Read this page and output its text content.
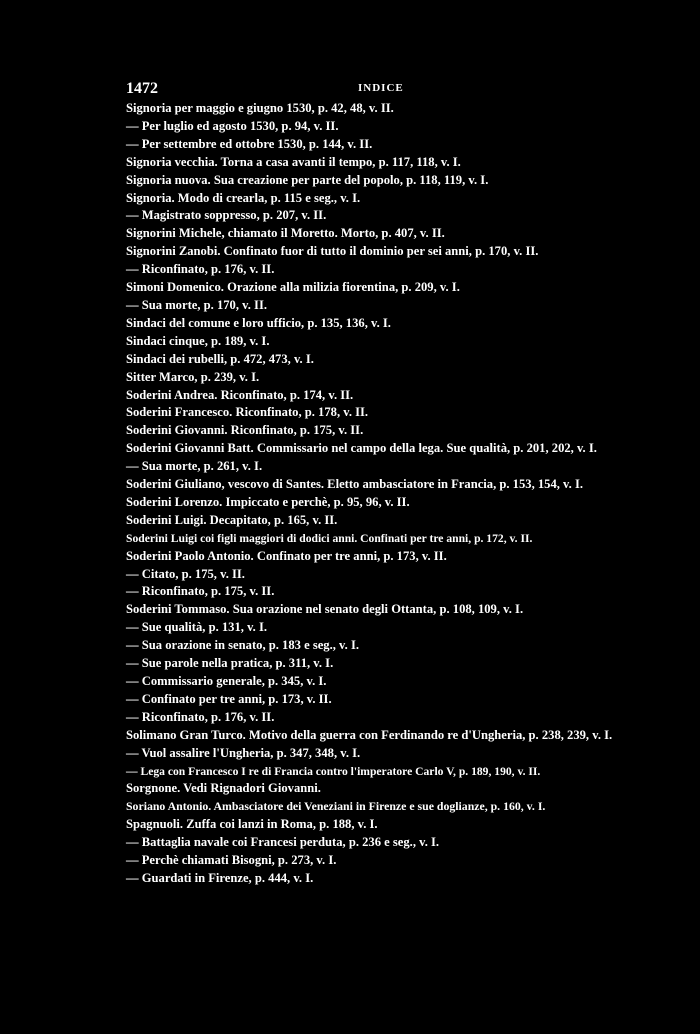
1472	INDICE
Signoria per maggio e giugno 1530, p. 42, 48, v. II.
— Per luglio ed agosto 1530, p. 94, v. II.
— Per settembre ed ottobre 1530, p. 144, v. II.
Signoria vecchia. Torna a casa avanti il tempo, p. 117, 118, v. I.
Signoria nuova. Sua creazione per parte del popolo, p. 118, 119, v. I.
Signoria. Modo di crearla, p. 115 e seg., v. I.
— Magistrato soppresso, p. 207, v. II.
Signorini Michele, chiamato il Moretto. Morto, p. 407, v. II.
Signorini Zanobi. Confinato fuor di tutto il dominio per sei anni, p. 170, v. II.
— Riconfinato, p. 176, v. II.
Simoni Domenico. Orazione alla milizia fiorentina, p. 209, v. I.
— Sua morte, p. 170, v. II.
Sindaci del comune e loro ufficio, p. 135, 136, v. I.
Sindaci cinque, p. 189, v. I.
Sindaci dei rubelli, p. 472, 473, v. I.
Sitter Marco, p. 239, v. I.
Soderini Andrea. Riconfinato, p. 174, v. II.
Soderini Francesco. Riconfinato, p. 178, v. II.
Soderini Giovanni. Riconfinato, p. 175, v. II.
Soderini Giovanni Batt. Commissario nel campo della lega. Sue qualità, p. 201, 202, v. I.
— Sua morte, p. 261, v. I.
Soderini Giuliano, vescovo di Santes. Eletto ambasciatore in Francia, p. 153, 154, v. I.
Soderini Lorenzo. Impiccato e perchè, p. 95, 96, v. II.
Soderini Luigi. Decapitato, p. 165, v. II.
Soderini Luigi coi figli maggiori di dodici anni. Confinati per tre anni, p. 172, v. II.
Soderini Paolo Antonio. Confinato per tre anni, p. 173, v. II.
— Citato, p. 175, v. II.
— Riconfinato, p. 175, v. II.
Soderini Tommaso. Sua orazione nel senato degli Ottanta, p. 108, 109, v. I.
— Sue qualità, p. 131, v. I.
— Sua orazione in senato, p. 183 e seg., v. I.
— Sue parole nella pratica, p. 311, v. I.
— Commissario generale, p. 345, v. I.
— Confinato per tre anni, p. 173, v. II.
— Riconfinato, p. 176, v. II.
Solimano Gran Turco. Motivo della guerra con Ferdinando re d'Ungheria, p. 238, 239, v. I.
— Vuol assalire l'Ungheria, p. 347, 348, v. I.
— Lega con Francesco I re di Francia contro l'imperatore Carlo V, p. 189, 190, v. II.
Sorgnone. Vedi Rignadori Giovanni.
Soriano Antonio. Ambasciatore dei Veneziani in Firenze e sue doglianze, p. 160, v. I.
Spagnuoli. Zuffa coi lanzi in Roma, p. 188, v. I.
— Battaglia navale coi Francesi perduta, p. 236 e seg., v. I.
— Perchè chiamati Bisogni, p. 273, v. I.
— Guardati in Firenze, p. 444, v. I.
